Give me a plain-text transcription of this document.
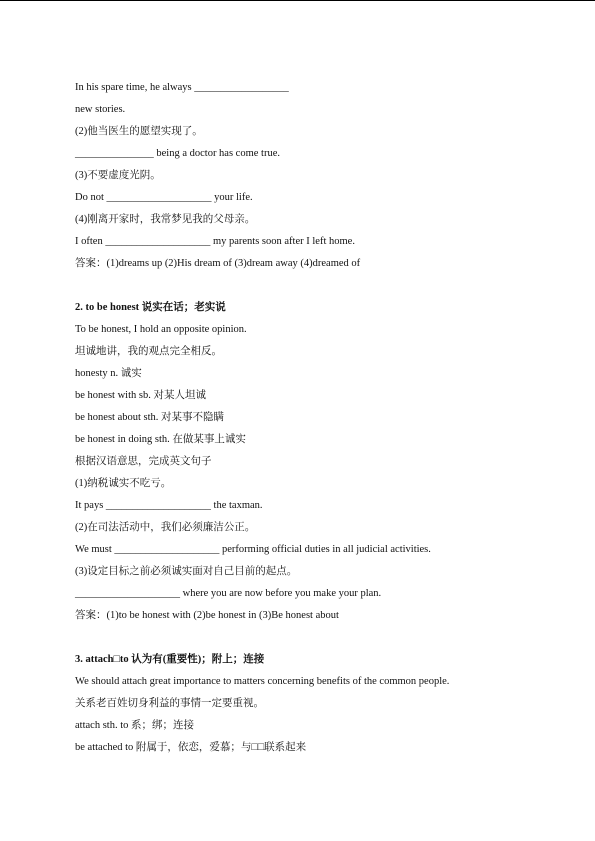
In his spare time, he always __________________
new stories.
(2)他当医生的愿望实现了。
_______________ being a doctor has come true.
(3)不要虚度光阴。
Do not ____________________ your life.
(4)刚离开家时，我常梦见我的父母亲。
I often ____________________ my parents soon after I left home.
答案：(1)dreams up (2)His dream of (3)dream away (4)dreamed of
2. to be honest 说实在话；老实说
To be honest, I hold an opposite opinion.
坦诚地讲，我的观点完全相反。
honesty n. 诚实
be honest with sb. 对某人坦诚
be honest about sth. 对某事不隐瞒
be honest in doing sth. 在做某事上诚实
根据汉语意思，完成英文句子
(1)纳税诚实不吃亏。
It pays ____________________ the taxman.
(2)在司法活动中，我们必须廉洁公正。
We must ____________________ performing official duties in all judicial activities.
(3)设定目标之前必须诚实面对自己目前的起点。
____________________ where you are now before you make your plan.
答案：(1)to be honest with (2)be honest in (3)Be honest about
3. attach□to 认为有(重要性)；附上；连接
We should attach great importance to matters concerning benefits of the common people.
关系老百姓切身利益的事情一定要重视。
attach sth. to 系；绑；连接
be attached to 附属于，依恋，爱慕；与□□联系起来
